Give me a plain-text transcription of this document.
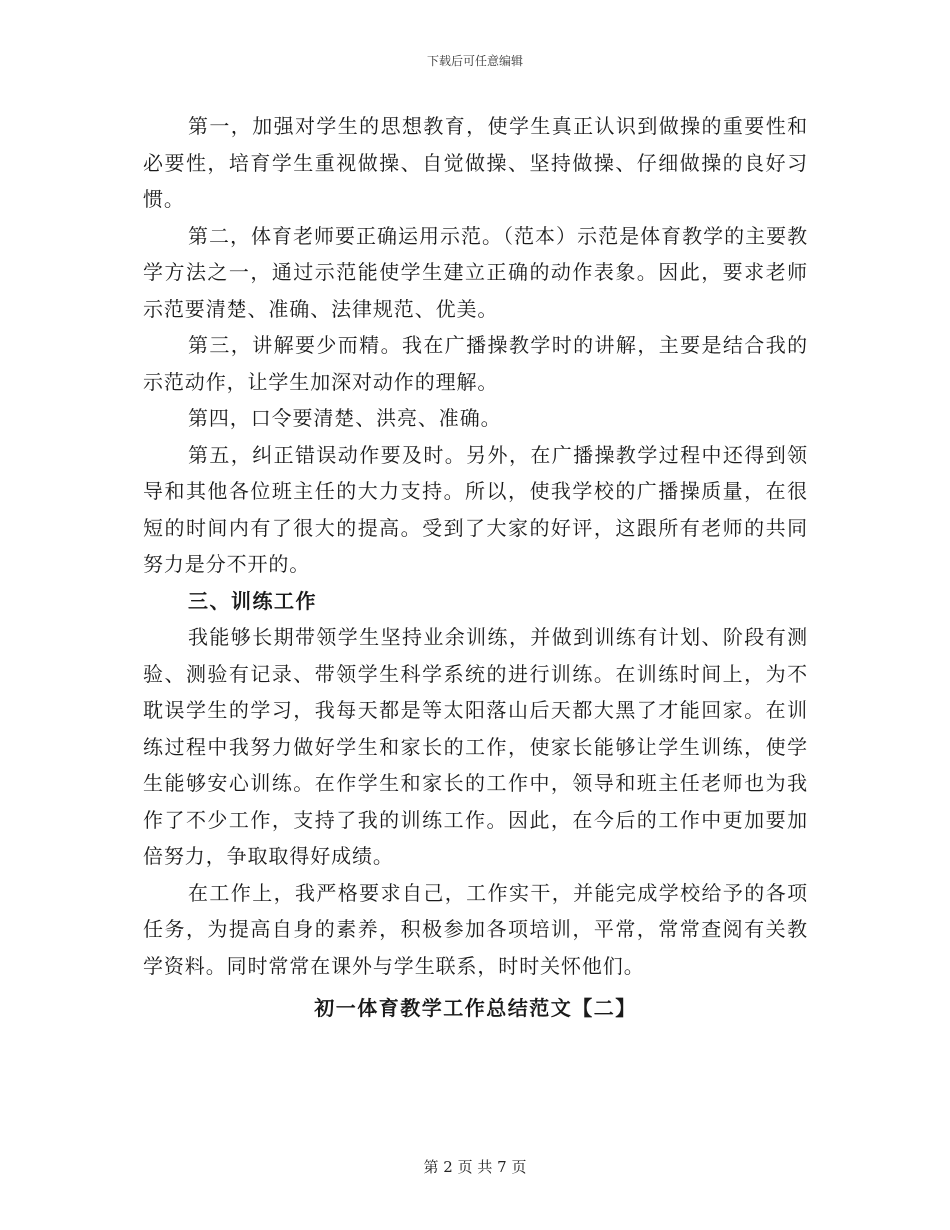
下载后可任意编辑

第一，加强对学生的思想教育，使学生真正认识到做操的重要性和必要性，培育学生重视做操、自觉做操、坚持做操、仔细做操的良好习惯。

第二，体育老师要正确运用示范。（范本）示范是体育教学的主要教学方法之一，通过示范能使学生建立正确的动作表象。因此，要求老师示范要清楚、准确、法律规范、优美。

第三，讲解要少而精。我在广播操教学时的讲解，主要是结合我的示范动作，让学生加深对动作的理解。

第四，口令要清楚、洪亮、准确。

第五，纠正错误动作要及时。另外，在广播操教学过程中还得到领导和其他各位班主任的大力支持。所以，使我学校的广播操质量，在很短的时间内有了很大的提高。受到了大家的好评，这跟所有老师的共同努力是分不开的。

三、训练工作

我能够长期带领学生坚持业余训练，并做到训练有计划、阶段有测验、测验有记录、带领学生科学系统的进行训练。在训练时间上，为不耽误学生的学习，我每天都是等太阳落山后天都大黑了才能回家。在训练过程中我努力做好学生和家长的工作，使家长能够让学生训练，使学生能够安心训练。在作学生和家长的工作中，领导和班主任老师也为我作了不少工作，支持了我的训练工作。因此，在今后的工作中更加要加倍努力，争取取得好成绩。

在工作上，我严格要求自己，工作实干，并能完成学校给予的各项任务，为提高自身的素养，积极参加各项培训，平常，常常查阅有关教学资料。同时常常在课外与学生联系，时时关怀他们。

初一体育教学工作总结范文【二】

第 2 页 共 7 页
